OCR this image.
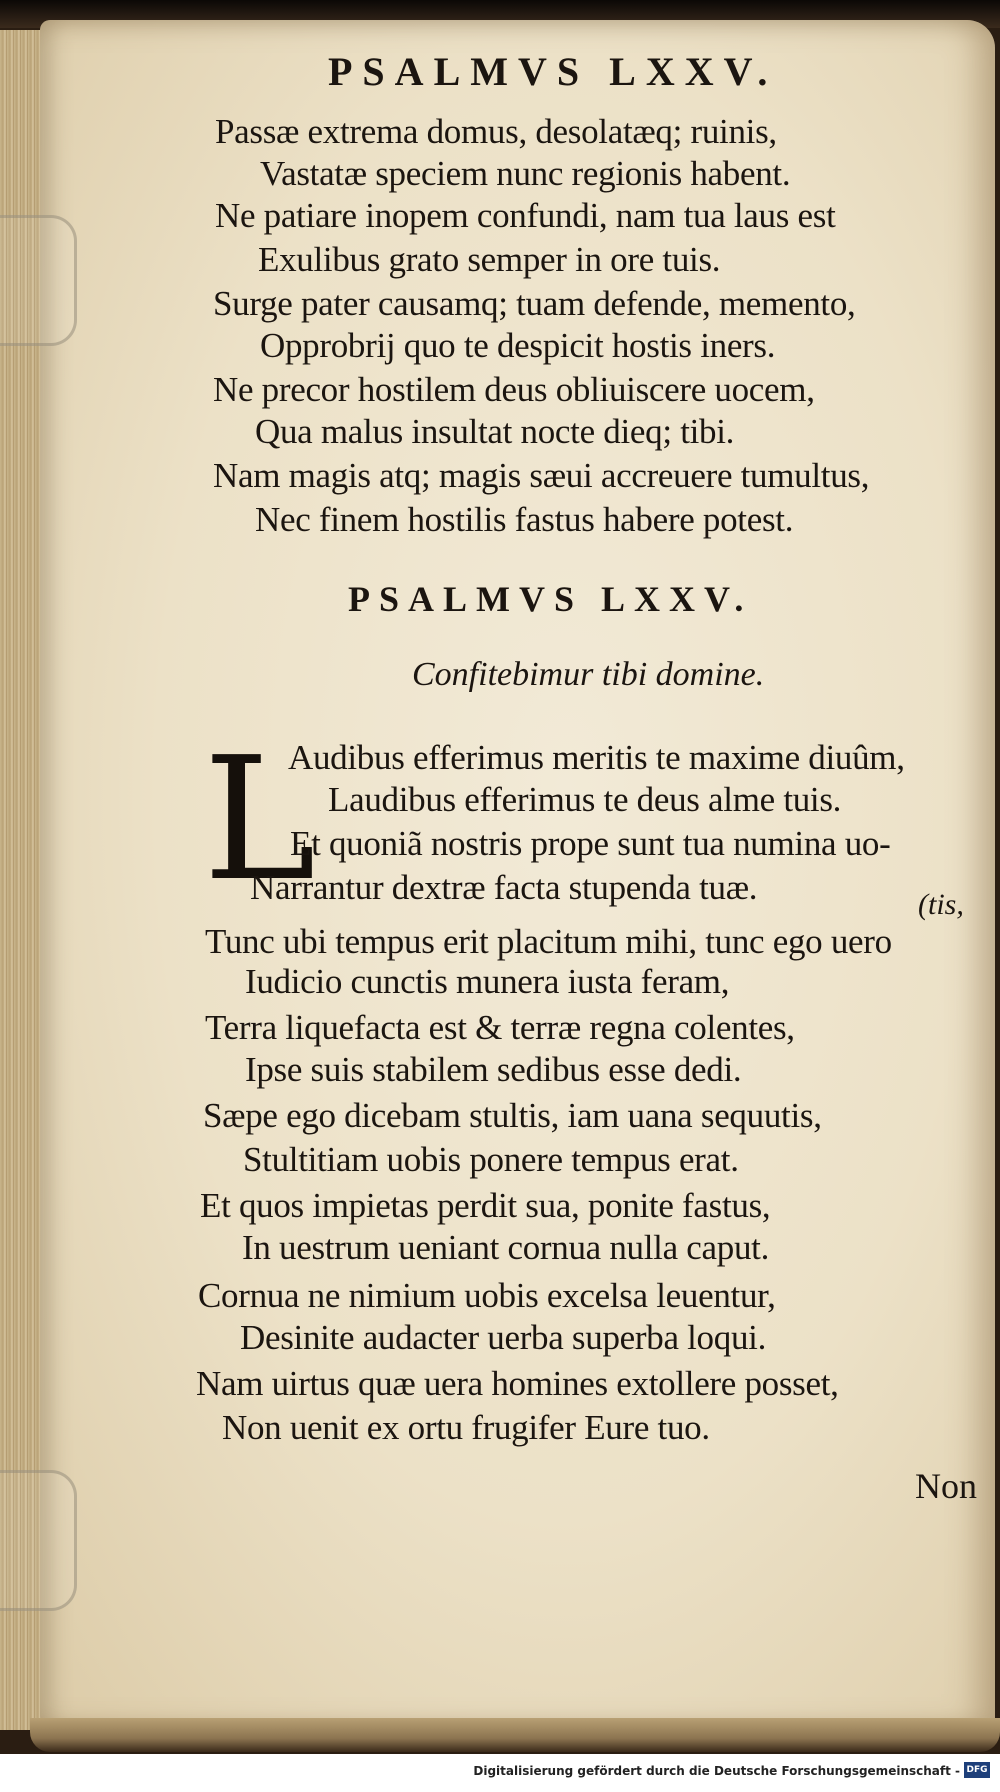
PSALMVS LXXV.
Passæ extrema domus, desolatæq; ruinis,
Vastatæ speciem nunc regionis habent.
Ne patiare inopem confundi, nam tua laus est
Exulibus grato semper in ore tuis.
Surge pater causamq; tuam defende, memento,
Opprobrij quo te despicit hostis iners.
Ne precor hostilem deus obliuiscere uocem,
Qua malus insultat nocte dieq; tibi.
Nam magis atq; magis sæui accreuere tumultus,
Nec finem hostilis fastus habere potest.
PSALMVS LXXV.
Confitebimur tibi domine.
L
Audibus efferimus meritis te maxime diuûm,
Laudibus efferimus te deus alme tuis.
Et quoniã nostris prope sunt tua numina uo-
Narrantur dextræ facta stupenda tuæ.	(tis,
Tunc ubi tempus erit placitum mihi, tunc ego uero
Iudicio cunctis munera iusta feram,
Terra liquefacta est & terræ regna colentes,
Ipse suis stabilem sedibus esse dedi.
Sæpe ego dicebam stultis, iam uana sequutis,
Stultitiam uobis ponere tempus erat.
Et quos impietas perdit sua, ponite fastus,
In uestrum ueniant cornua nulla caput.
Cornua ne nimium uobis excelsa leuentur,
Desinite audacter uerba superba loqui.
Nam uirtus quæ uera homines extollere posset,
Non uenit ex ortu frugifer Eure tuo.
Non
Digitalisierung gefördert durch die Deutsche Forschungsgemeinschaft - DFG
